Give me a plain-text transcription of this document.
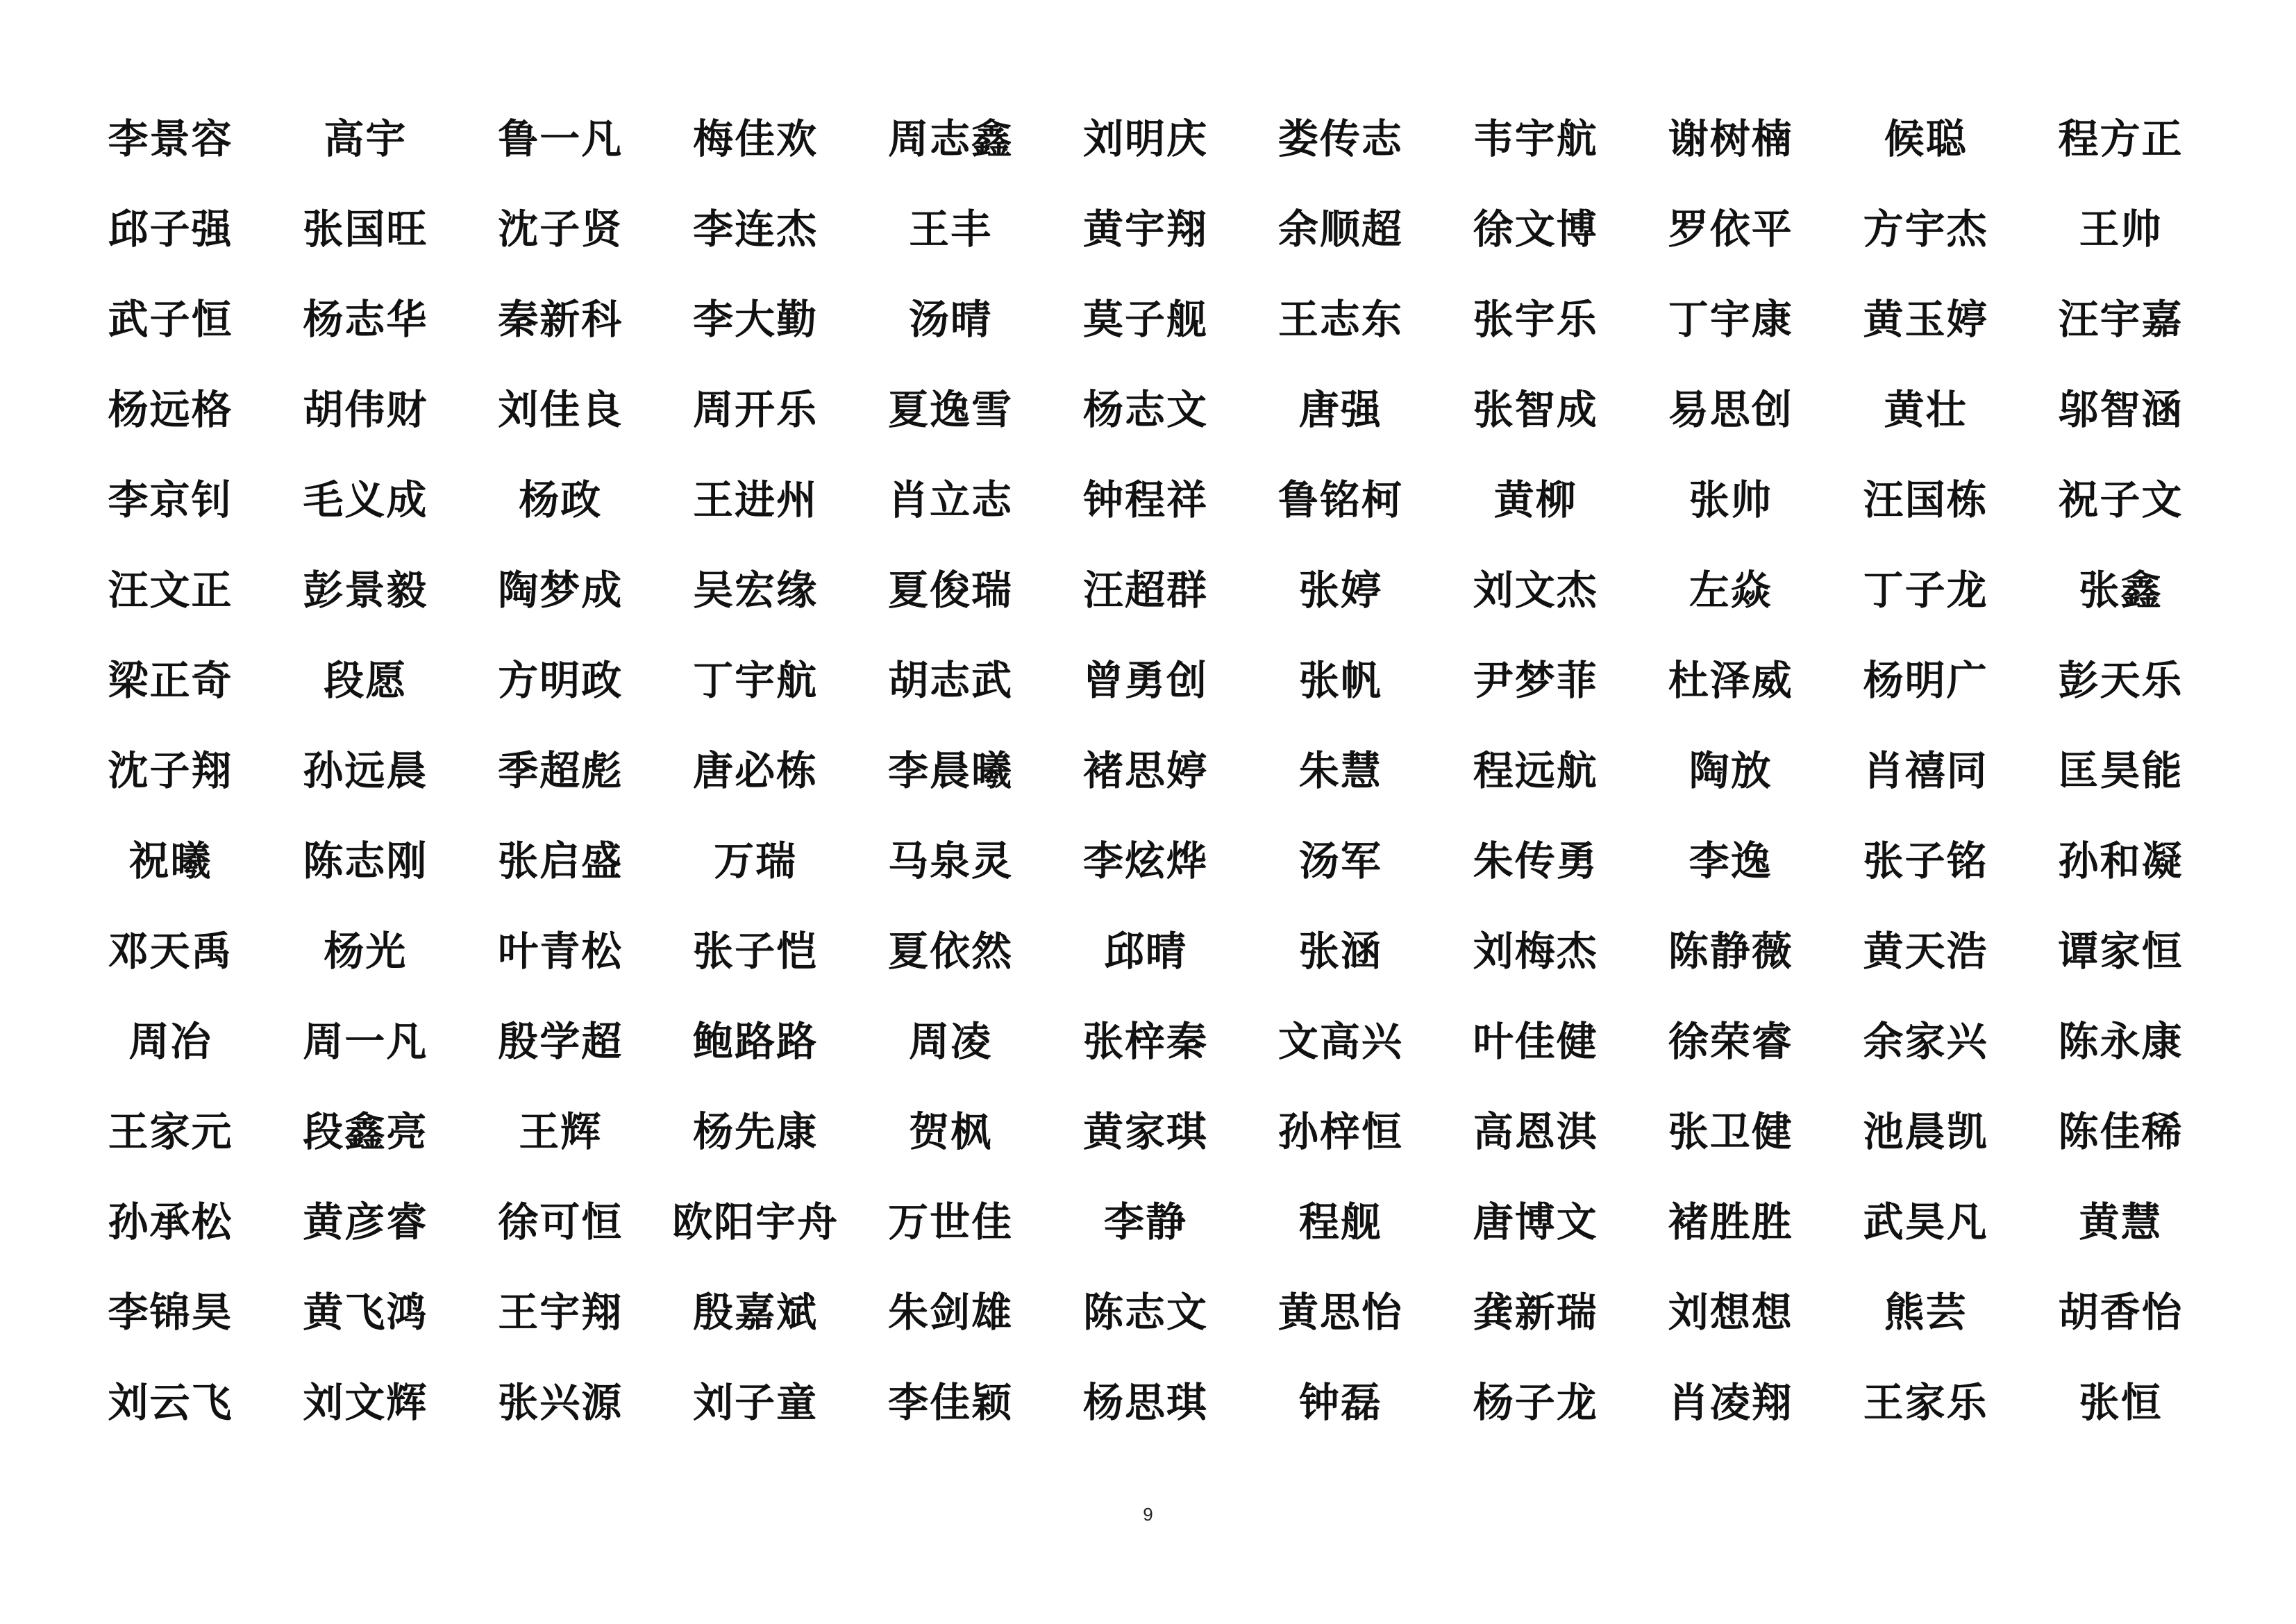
李景容	高宇	鲁一凡	梅佳欢	周志鑫	刘明庆	娄传志	韦宇航	谢树楠	候聪	程方正
邱子强	张国旺	沈子贤	李连杰	王丰	黄宇翔	余顺超	徐文博	罗依平	方宇杰	王帅
武子恒	杨志华	秦新科	李大勤	汤晴	莫子舰	王志东	张宇乐	丁宇康	黄玉婷	汪宇嘉
杨远格	胡伟财	刘佳良	周开乐	夏逸雪	杨志文	唐强	张智成	易思创	黄壮	邬智涵
李京钊	毛义成	杨政	王进州	肖立志	钟程祥	鲁铭柯	黄柳	张帅	汪国栋	祝子文
汪文正	彭景毅	陶梦成	吴宏缘	夏俊瑞	汪超群	张婷	刘文杰	左焱	丁子龙	张鑫
梁正奇	段愿	方明政	丁宇航	胡志武	曾勇创	张帆	尹梦菲	杜泽威	杨明广	彭天乐
沈子翔	孙远晨	季超彪	唐必栋	李晨曦	褚思婷	朱慧	程远航	陶放	肖禧同	匡昊能
祝曦	陈志刚	张启盛	万瑞	马泉灵	李炫烨	汤军	朱传勇	李逸	张子铭	孙和凝
邓天禹	杨光	叶青松	张子恺	夏依然	邱晴	张涵	刘梅杰	陈静薇	黄天浩	谭家恒
周冶	周一凡	殷学超	鲍路路	周凌	张梓秦	文高兴	叶佳健	徐荣睿	余家兴	陈永康
王家元	段鑫亮	王辉	杨先康	贺枫	黄家琪	孙梓恒	高恩淇	张卫健	池晨凯	陈佳稀
孙承松	黄彦睿	徐可恒	欧阳宇舟	万世佳	李静	程舰	唐博文	褚胜胜	武昊凡	黄慧
李锦昊	黄飞鸿	王宇翔	殷嘉斌	朱剑雄	陈志文	黄思怡	龚新瑞	刘想想	熊芸	胡香怡
刘云飞	刘文辉	张兴源	刘子童	李佳颖	杨思琪	钟磊	杨子龙	肖凌翔	王家乐	张恒
9
